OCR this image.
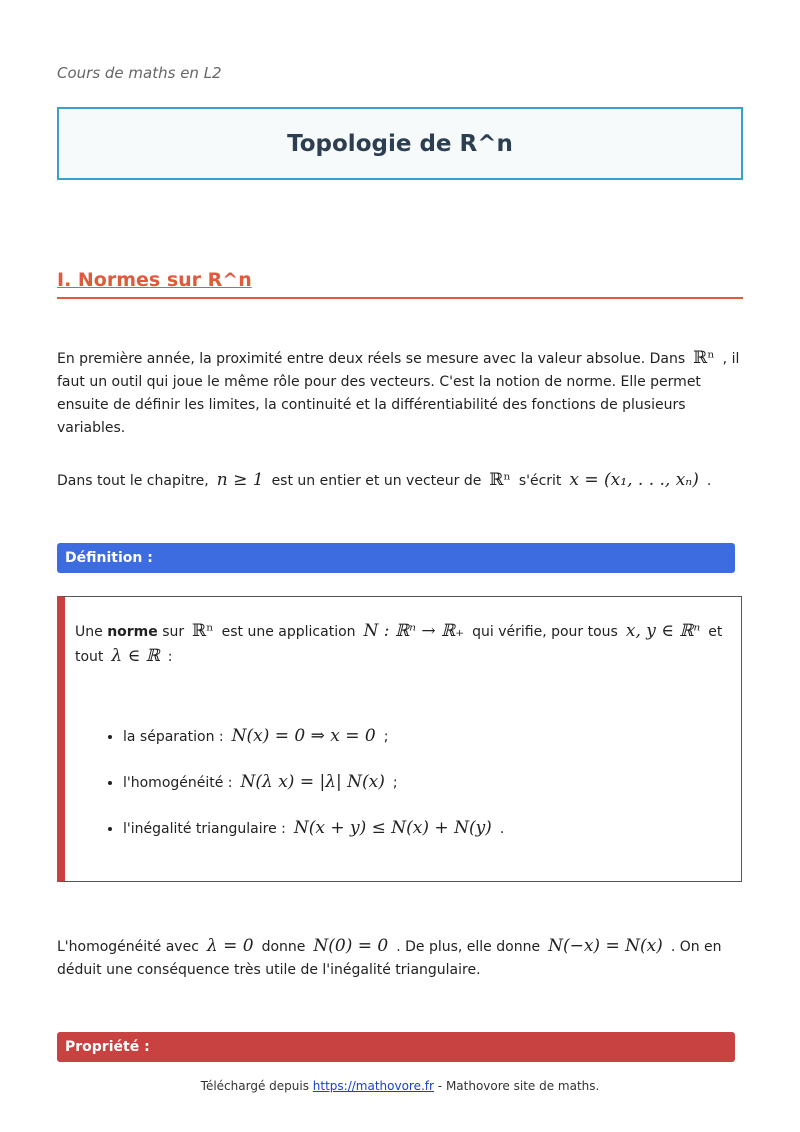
Cours de maths en L2
Topologie de R^n
I. Normes sur R^n
En première année, la proximité entre deux réels se mesure avec la valeur absolue. Dans ℝⁿ , il faut un outil qui joue le même rôle pour des vecteurs. C'est la notion de norme. Elle permet ensuite de définir les limites, la continuité et la différentiabilité des fonctions de plusieurs variables.
Dans tout le chapitre, n ≥ 1 est un entier et un vecteur de ℝⁿ s'écrit x = (x₁, . . ., xₙ) .
Définition :
Une norme sur ℝⁿ est une application N : ℝⁿ → ℝ₊ qui vérifie, pour tous x, y ∈ ℝⁿ et tout λ ∈ ℝ :
• la séparation : N(x) = 0 ⇒ x = 0 ;
• l'homogénéité : N(λ x) = |λ| N(x) ;
• l'inégalité triangulaire : N(x + y) ≤ N(x) + N(y) .
L'homogénéité avec λ = 0 donne N(0) = 0 . De plus, elle donne N(−x) = N(x) . On en déduit une conséquence très utile de l'inégalité triangulaire.
Propriété :
Téléchargé depuis https://mathovore.fr - Mathovore site de maths.
